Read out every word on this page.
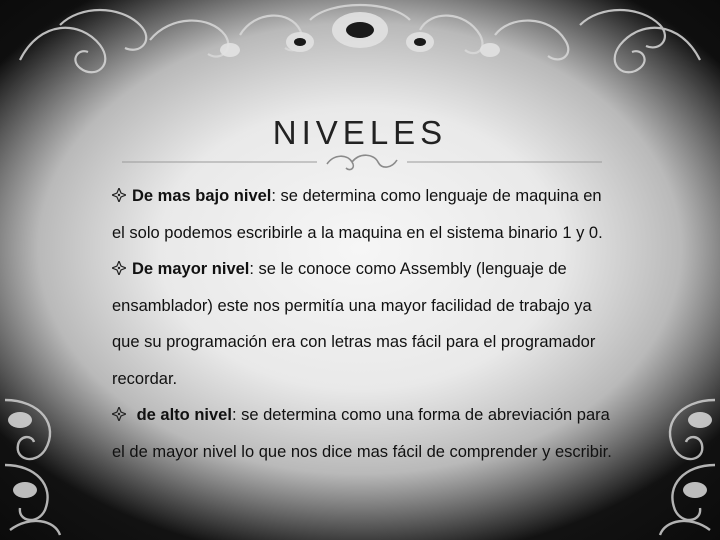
NIVELES

De mas bajo nivel: se determina como lenguaje de maquina en el solo podemos escribirle a la maquina en el sistema binario 1 y 0.

De mayor nivel: se le conoce como Assembly (lenguaje de ensamblador) este nos permitía una mayor facilidad de trabajo ya que su programación era con letras mas fácil para el programador recordar.

de alto nivel: se determina como una forma de abreviación para el de mayor nivel lo que nos dice mas fácil de comprender y escribir.
